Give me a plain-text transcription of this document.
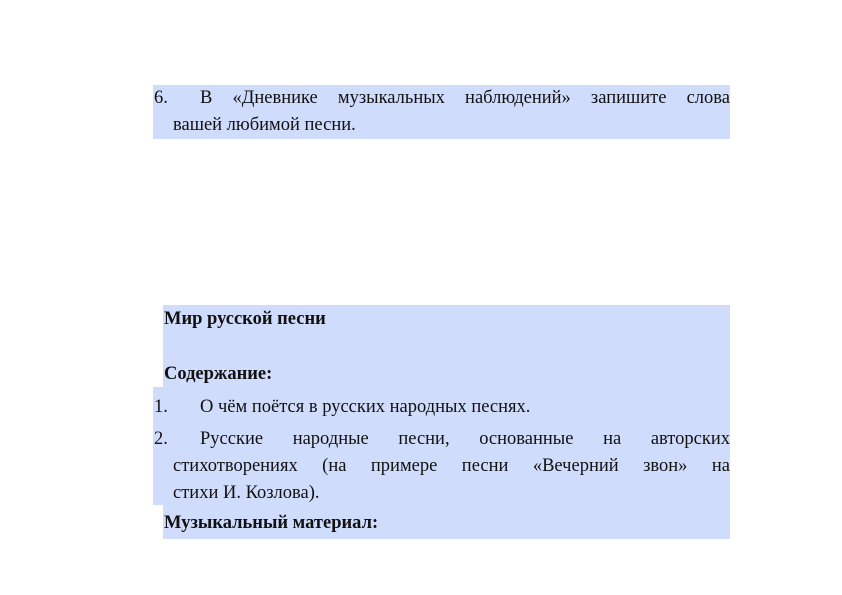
6. В «Дневнике музыкальных наблюдений» запишите слова
вашей любимой песни.
Мир русской песни
Содержание:
1. О чём поётся в русских народных песнях.
2. Русские народные песни, основанные на авторских
стихотворениях (на примере песни «Вечерний звон» на
стихи И. Козлова).
Музыкальный материал:
